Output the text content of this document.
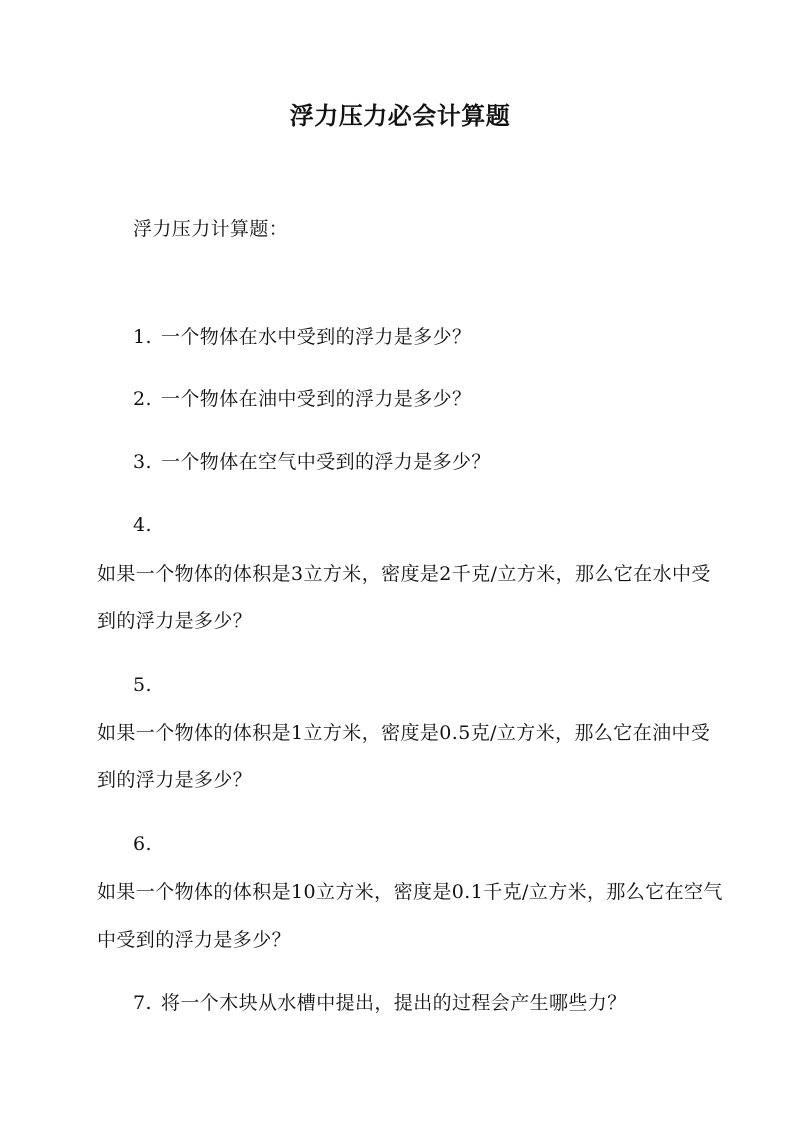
浮力压力必会计算题
浮力压力计算题：
1. 一个物体在水中受到的浮力是多少？
2. 一个物体在油中受到的浮力是多少？
3. 一个物体在空气中受到的浮力是多少？
4.
如果一个物体的体积是3立方米，密度是2千克/立方米，那么它在水中受
到的浮力是多少？
5.
如果一个物体的体积是1立方米，密度是0.5克/立方米，那么它在油中受
到的浮力是多少？
6.
如果一个物体的体积是10立方米，密度是0.1千克/立方米，那么它在空气
中受到的浮力是多少？
7. 将一个木块从水槽中提出，提出的过程会产生哪些力？
